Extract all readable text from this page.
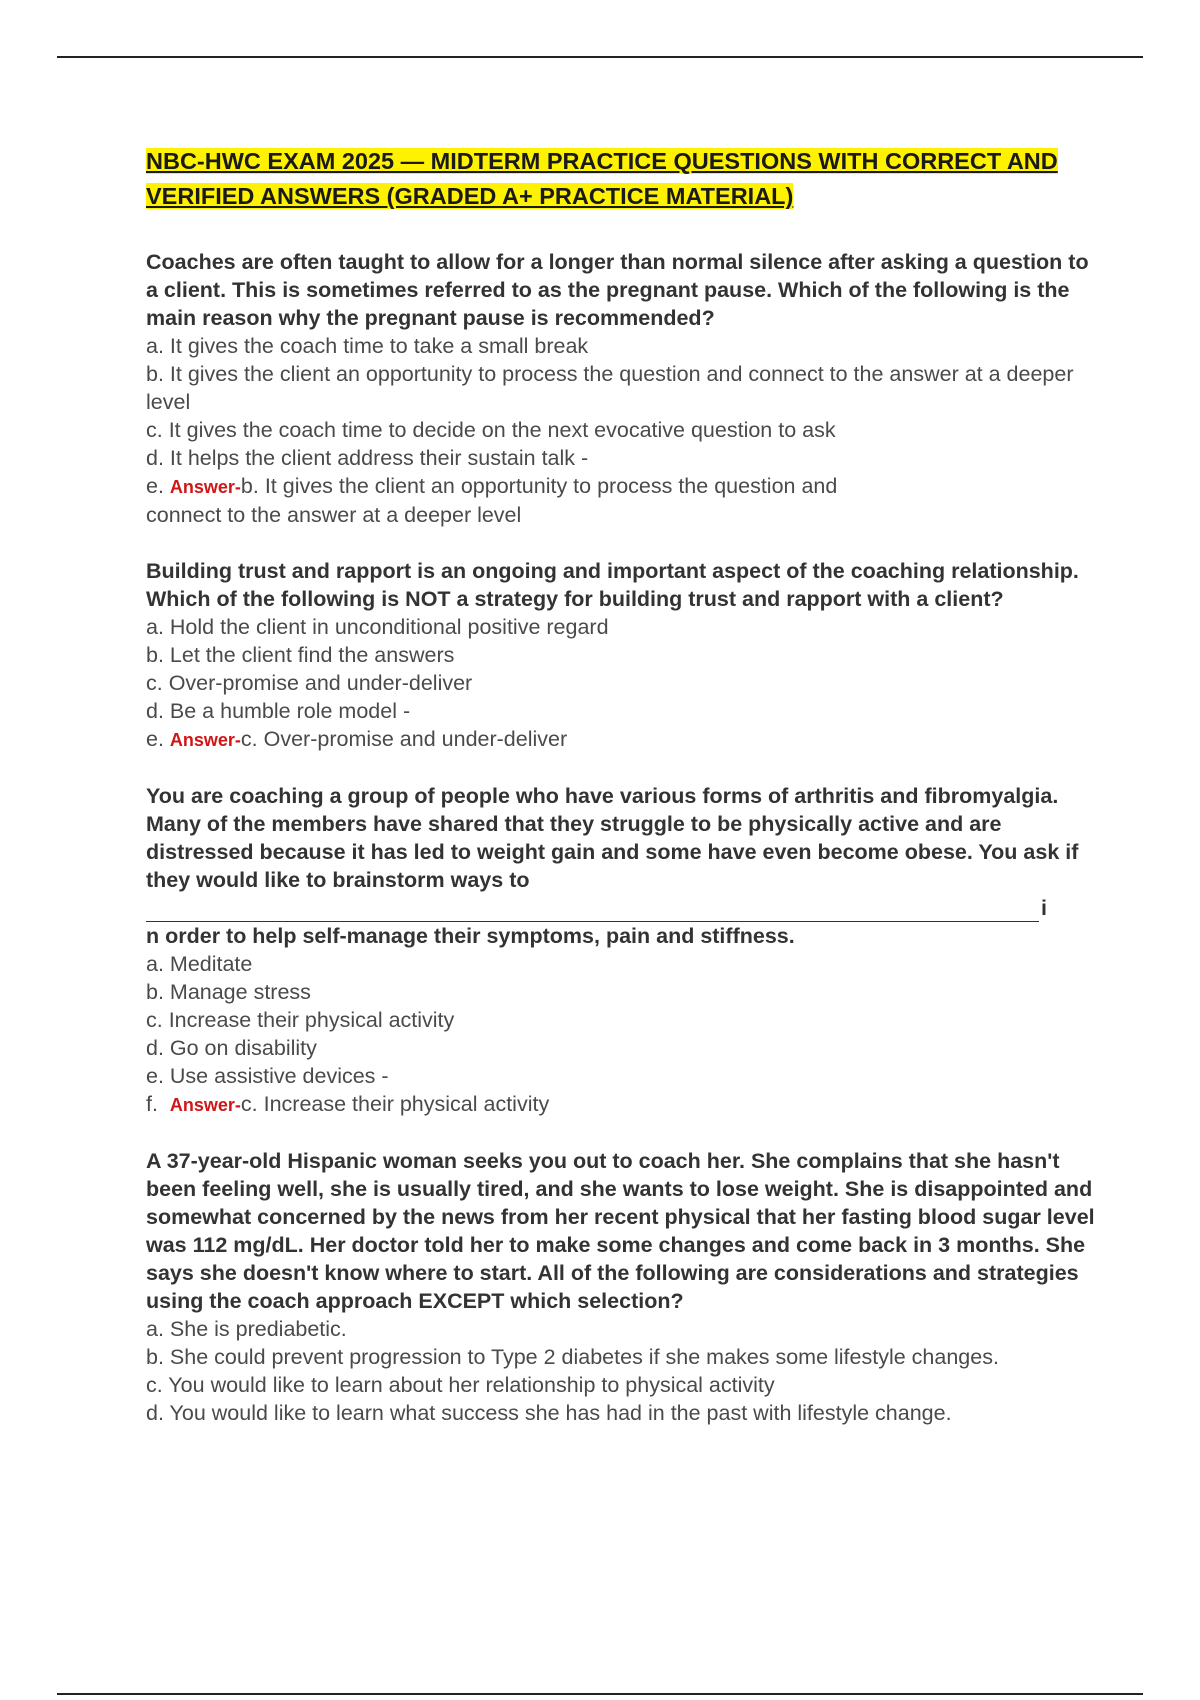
NBC-HWC EXAM 2025 — MIDTERM PRACTICE QUESTIONS WITH CORRECT AND
VERIFIED ANSWERS (GRADED A+ PRACTICE MATERIAL)

Coaches are often taught to allow for a longer than normal silence after asking a question to a client. This is sometimes referred to as the pregnant pause. Which of the following is the main reason why the pregnant pause is recommended?

a. It gives the coach time to take a small break
b. It gives the client an opportunity to process the question and connect to the answer at a deeper level
c. It gives the coach time to decide on the next evocative question to ask
d. It helps the client address their sustain talk -
e. Answer-b. It gives the client an opportunity to process the question and
connect to the answer at a deeper level

Building trust and rapport is an ongoing and important aspect of the coaching relationship. Which of the following is NOT a strategy for building trust and rapport with a client?

a. Hold the client in unconditional positive regard
b. Let the client find the answers
c. Over-promise and under-deliver
d. Be a humble role model -
e. Answer-c. Over-promise and under-deliver

You are coaching a group of people who have various forms of arthritis and fibromyalgia. Many of the members have shared that they struggle to be physically active and are distressed because it has led to weight gain and some have even become obese. You ask if they would like to brainstorm ways to

i

n order to help self-manage their symptoms, pain and stiffness.

a. Meditate
b. Manage stress
c. Increase their physical activity
d. Go on disability
e. Use assistive devices -
f.  Answer-c. Increase their physical activity

A 37-year-old Hispanic woman seeks you out to coach her. She complains that she hasn't been feeling well, she is usually tired, and she wants to lose weight. She is disappointed and somewhat concerned by the news from her recent physical that her fasting blood sugar level was 112 mg/dL. Her doctor told her to make some changes and come back in 3 months. She says she doesn't know where to start. All of the following are considerations and strategies using the coach approach EXCEPT which selection?

a. She is prediabetic.
b. She could prevent progression to Type 2 diabetes if she makes some lifestyle changes.
c. You would like to learn about her relationship to physical activity
d. You would like to learn what success she has had in the past with lifestyle change.
